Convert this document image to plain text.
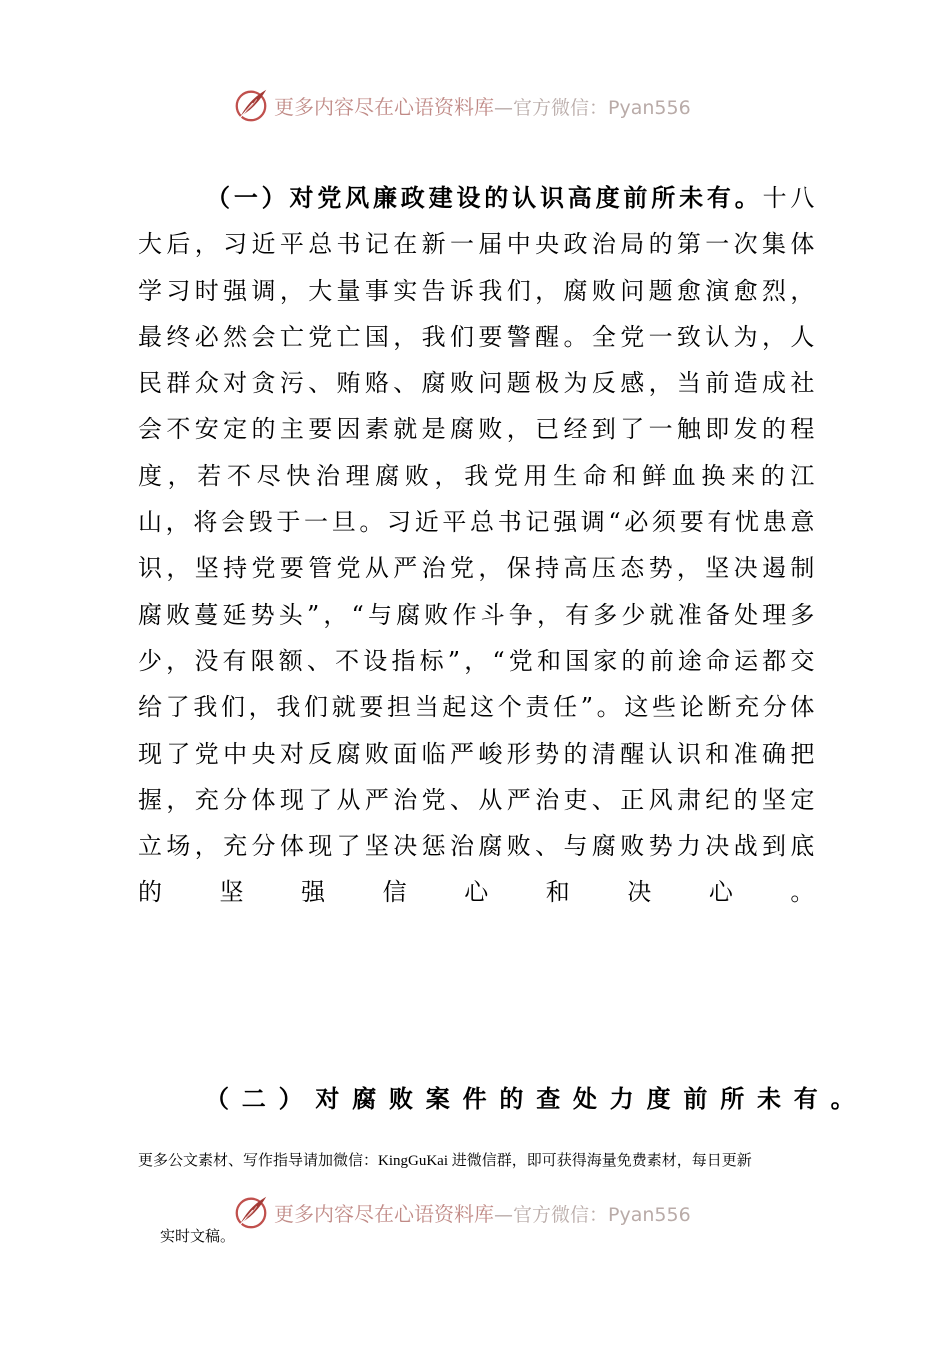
更多内容尽在心语资料库—官方微信：Pyan556
（一）对党风廉政建设的认识高度前所未有。十八大后，习近平总书记在新一届中央政治局的第一次集体学习时强调，大量事实告诉我们，腐败问题愈演愈烈，最终必然会亡党亡国，我们要警醒。全党一致认为，人民群众对贪污、贿赂、腐败问题极为反感，当前造成社会不安定的主要因素就是腐败，已经到了一触即发的程度，若不尽快治理腐败，我党用生命和鲜血换来的江山，将会毁于一旦。习近平总书记强调“必须要有忧患意识，坚持党要管党从严治党，保持高压态势，坚决遏制腐败蔓延势头”，“与腐败作斗争，有多少就准备处理多少，没有限额、不设指标”，“党和国家的前途命运都交给了我们，我们就要担当起这个责任”。这些论断充分体现了党中央对反腐败面临严峻形势的清醒认识和准确把握，充分体现了从严治党、从严治吏、正风肃纪的坚定立场，充分体现了坚决惩治腐败、与腐败势力决战到底的坚强信心和决心。
（二）对腐败案件的查处力度前所未有。
更多公文素材、写作指导请加微信：KingGuKai 进微信群，即可获得海量免费素材，每日更新
更多内容尽在心语资料库—官方微信：Pyan556
实时文稿。
